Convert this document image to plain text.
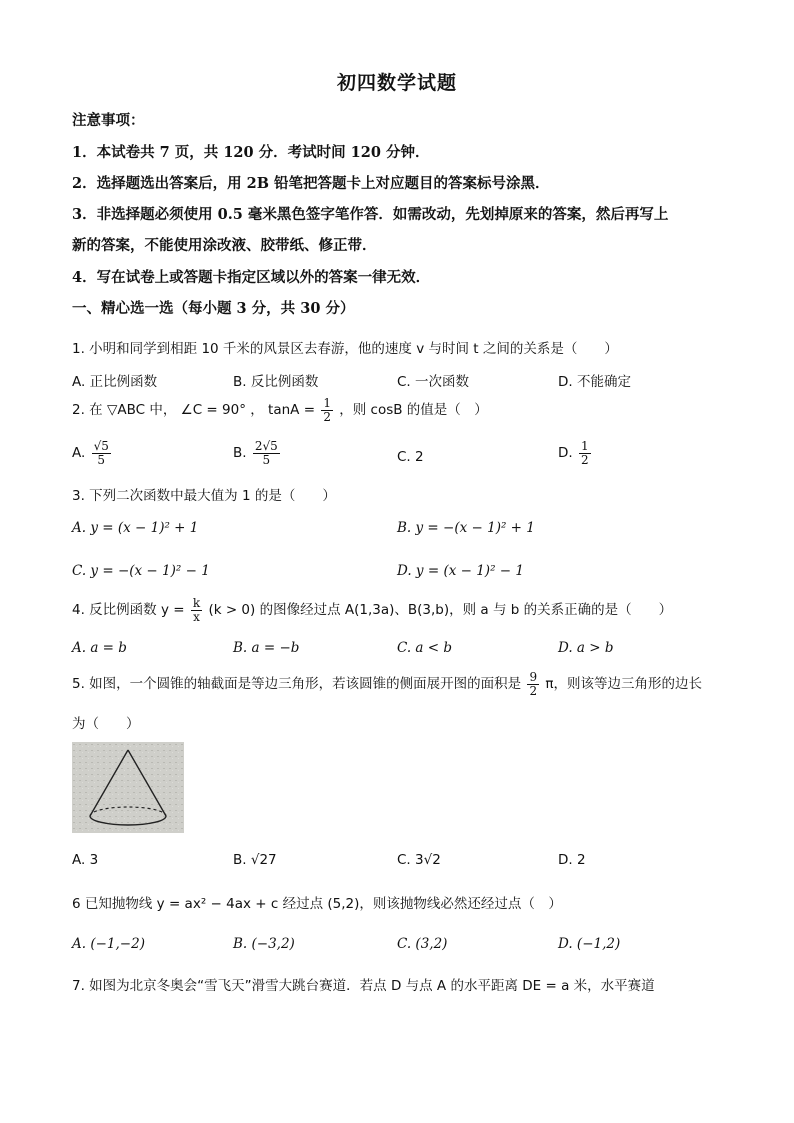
初四数学试题
注意事项：
1．本试卷共 7 页，共 120 分．考试时间 120 分钟．
2．选择题选出答案后，用 2B 铅笔把答题卡上对应题目的答案标号涂黑．
3．非选择题必须使用 0.5 毫米黑色签字笔作答．如需改动，先划掉原来的答案，然后再写上
新的答案，不能使用涂改液、胶带纸、修正带．
4．写在试卷上或答题卡指定区域以外的答案一律无效．
一、精心选一选（每小题 3 分，共 30 分）
1. 小明和同学到相距 10 千米的风景区去春游，他的速度 v 与时间 t 之间的关系是（　　）
A. 正比例函数	B. 反比例函数	C. 一次函数	D. 不能确定
2. 在 ▽ABC 中， ∠C = 90° ， $\tan A = \frac{1}{2}$ ，则 cosB 的值是（　）
A. $\frac{√5}{5}$	B. $\frac{2√5}{5}$	C. 2	D. $\frac{1}{2}$
3. 下列二次函数中最大值为 1 的是（　　）
A. y = (x − 1)² + 1	B. y = −(x − 1)² + 1
C. y = −(x − 1)² − 1	D. y = (x − 1)² − 1
4. 反比例函数 $y = \frac{k}{x} (k > 0)$ 的图像经过点 A(1,3a)、B(3,b)，则 a 与 b 的关系正确的是（　　）
A. a = b	B. a = −b	C. a < b	D. a > b
5. 如图，一个圆锥的轴截面是等边三角形，若该圆锥的侧面展开图的面积是 $\frac{9}{2}$ π，则该等边三角形的边长
为（　　）
A. 3	B. √27	C. 3√2	D. 2
6 已知抛物线 y = ax² − 4ax + c 经过点 (5,2)，则该抛物线必然还经过点（　）
A. (−1,−2)	B. (−3,2)	C. (3,2)	D. (−1,2)
7. 如图为北京冬奥会“雪飞天”滑雪大跳台赛道．若点 D 与点 A 的水平距离 DE = a 米，水平赛道
